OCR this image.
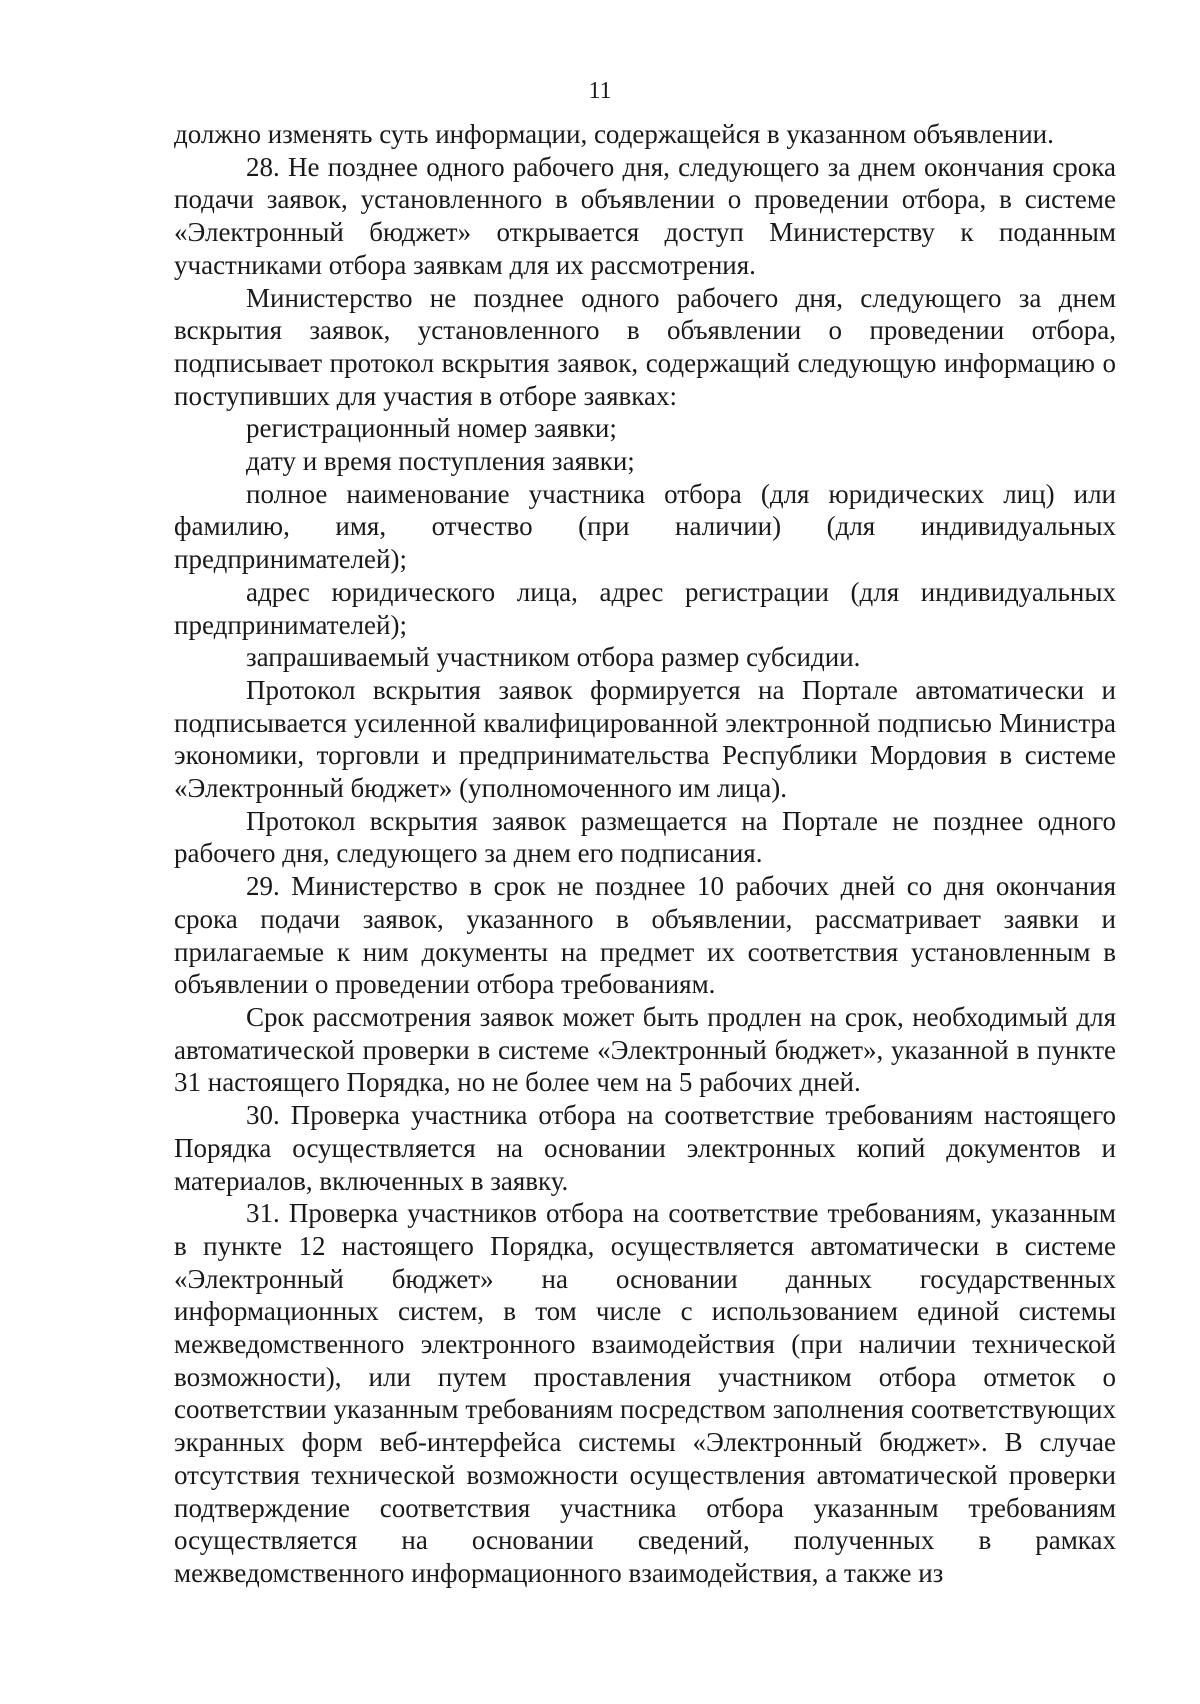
11

должно изменять суть информации, содержащейся в указанном объявлении.

28. Не позднее одного рабочего дня, следующего за днем окончания срока подачи заявок, установленного в объявлении о проведении отбора, в системе «Электронный бюджет» открывается доступ Министерству к поданным участниками отбора заявкам для их рассмотрения.

Министерство не позднее одного рабочего дня, следующего за днем вскрытия заявок, установленного в объявлении о проведении отбора, подписывает протокол вскрытия заявок, содержащий следующую информацию о поступивших для участия в отборе заявках:

регистрационный номер заявки;

дату и время поступления заявки;

полное наименование участника отбора (для юридических лиц) или фамилию, имя, отчество (при наличии) (для индивидуальных предпринимателей);

адрес юридического лица, адрес регистрации (для индивидуальных предпринимателей);

запрашиваемый участником отбора размер субсидии.

Протокол вскрытия заявок формируется на Портале автоматически и подписывается усиленной квалифицированной электронной подписью Министра экономики, торговли и предпринимательства Республики Мордовия в системе «Электронный бюджет» (уполномоченного им лица).

Протокол вскрытия заявок размещается на Портале не позднее одного рабочего дня, следующего за днем его подписания.

29. Министерство в срок не позднее 10 рабочих дней со дня окончания срока подачи заявок, указанного в объявлении, рассматривает заявки и прилагаемые к ним документы на предмет их соответствия установленным в объявлении о проведении отбора требованиям.

Срок рассмотрения заявок может быть продлен на срок, необходимый для автоматической проверки в системе «Электронный бюджет», указанной в пункте 31 настоящего Порядка, но не более чем на 5 рабочих дней.

30. Проверка участника отбора на соответствие требованиям настоящего Порядка осуществляется на основании электронных копий документов и материалов, включенных в заявку.

31. Проверка участников отбора на соответствие требованиям, указанным в пункте 12 настоящего Порядка, осуществляется автоматически в системе «Электронный бюджет» на основании данных государственных информационных систем, в том числе с использованием единой системы межведомственного электронного взаимодействия (при наличии технической возможности), или путем проставления участником отбора отметок о соответствии указанным требованиям посредством заполнения соответствующих экранных форм веб-интерфейса системы «Электронный бюджет». В случае отсутствия технической возможности осуществления автоматической проверки подтверждение соответствия участника отбора указанным требованиям осуществляется на основании сведений, полученных в рамках межведомственного информационного взаимодействия, а также из
